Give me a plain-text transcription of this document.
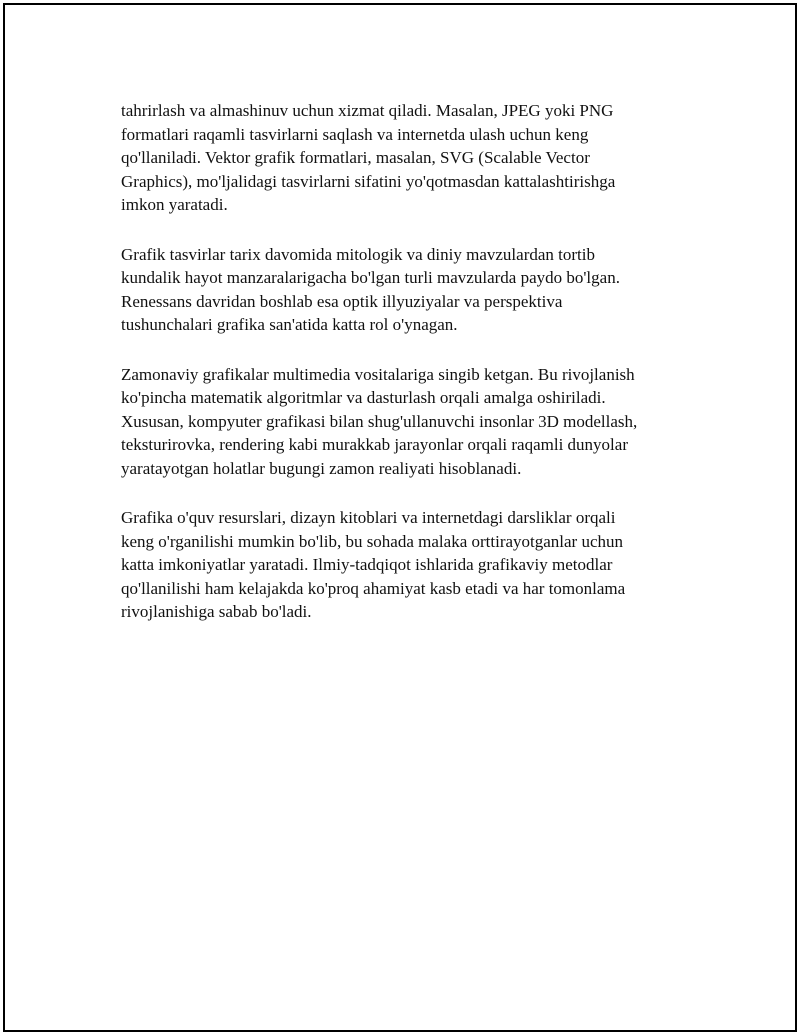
tahrirlash va almashinuv uchun xizmat qiladi. Masalan, JPEG yoki PNG
formatlari raqamli tasvirlarni saqlash va internetda ulash uchun keng
qo'llaniladi. Vektor grafik formatlari, masalan, SVG (Scalable Vector
Graphics), mo'ljalidagi tasvirlarni sifatini yo'qotmasdan kattalashtirishga
imkon yaratadi.

Grafik tasvirlar tarix davomida mitologik va diniy mavzulardan tortib
kundalik hayot manzaralarigacha bo'lgan turli mavzularda paydo bo'lgan.
Renessans davridan boshlab esa optik illyuziyalar va perspektiva
tushunchalari grafika san'atida katta rol o'ynagan.

Zamonaviy grafikalar multimedia vositalariga singib ketgan. Bu rivojlanish
ko'pincha matematik algoritmlar va dasturlash orqali amalga oshiriladi.
Xususan, kompyuter grafikasi bilan shug'ullanuvchi insonlar 3D modellash,
teksturirovka, rendering kabi murakkab jarayonlar orqali raqamli dunyolar
yaratayotgan holatlar bugungi zamon realiyati hisoblanadi.

Grafika o'quv resurslari, dizayn kitoblari va internetdagi darsliklar orqali
keng o'rganilishi mumkin bo'lib, bu sohada malaka orttirayotganlar uchun
katta imkoniyatlar yaratadi. Ilmiy-tadqiqot ishlarida grafikaviy metodlar
qo'llanilishi ham kelajakda ko'proq ahamiyat kasb etadi va har tomonlama
rivojlanishiga sabab bo'ladi.
